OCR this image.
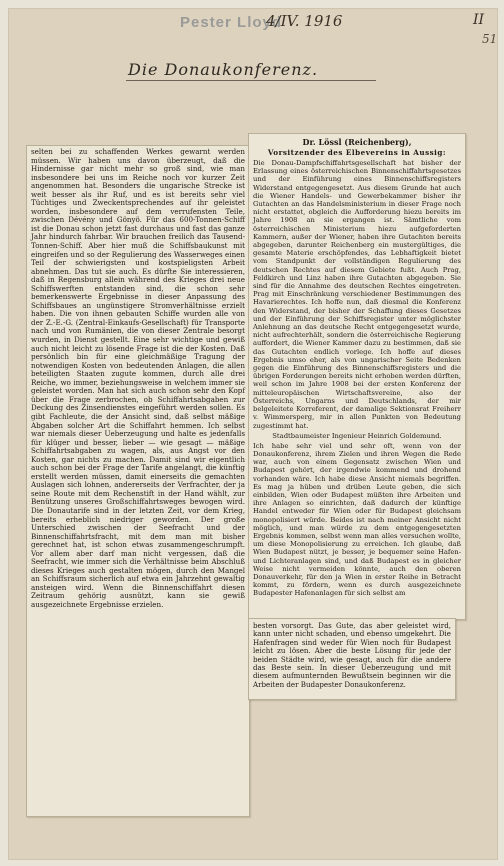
Pester Lloyd
4/IV. 1916	II
51
Die Donaukonferenz.

selten bei zu schaffenden Werkes gewarnt werden müssen. Wir haben uns davon überzeugt, daß die Hindernisse gar nicht mehr so groß sind, wie man insbesondere bei uns im Reiche noch vor kurzer Zeit angenommen hat. Besonders die ungarische Strecke ist weit besser als ihr Ruf, und es ist bereits sehr viel Tüchtiges und Zweckentsprechendes auf ihr geleistet worden, insbesondere auf dem verrufensten Teile, zwischen Dévény und Gönyö. Für das 600-Tonnen-Schiff ist die Donau schon jetzt fast durchaus und fast das ganze Jahr hindurch fahrbar. Wir brauchen freilich das Tausend-Tonnen-Schiff. Aber hier muß die Schiffsbaukunst mit eingreifen und so der Regulierung des Wasserweges einen Teil der schwierigsten und kostspieligsten Arbeit abnehmen. Das tut sie auch. Es dürfte Sie interessieren, daß in Regensburg allein während des Krieges drei neue Schiffswerften entstanden sind, die schon sehr bemerkenswerte Ergebnisse in dieser Anpassung des Schiffsbaues an ungünstigere Stromverhältnisse erzielt haben. Die von ihnen gebauten Schiffe wurden alle von der Z.-E.-G. (Zentral-Einkaufs-Gesellschaft) für Transporte nach und von Rumänien, die von dieser Zentrale besorgt wurden, in Dienst gestellt. Eine sehr wichtige und gewiß auch nicht leicht zu lösende Frage ist die der Kosten. Daß persönlich bin für eine gleichmäßige Tragung der notwendigen Kosten von bedeutenden Anlagen, die allen beteiligten Staaten zugute kommen, durch alle drei Reiche, wo immer, beziehungsweise in welchem immer sie geleistet worden. Man hat sich auch schon sehr den Kopf über die Frage zerbrochen, ob Schiffahrtsabgaben zur Deckung des Zinsendienstes eingeführt werden sollen. Es gibt Fachleute, die der Ansicht sind, daß selbst mäßige Abgaben solcher Art die Schiffahrt hemmen. Ich selbst war niemals dieser Ueberzeugung und halte es jedenfalls für klüger und besser, lieber — wie gesagt — mäßige Schiffahrtsabgaben zu wagen, als, aus Angst vor den Kosten, gar nichts zu machen. Damit sind wir eigentlich auch schon bei der Frage der Tarife angelangt, die künftig erstellt werden müssen, damit einerseits die gemachten Auslagen sich lohnen, andererseits der Verfrachter, der ja seine Route mit dem Rechenstift in der Hand wählt, zur Benützung unseres Großschiffahrtsweges bewogen wird. Die Donautarife sind in der letzten Zeit, vor dem Krieg, bereits erheblich niedriger geworden. Der große Unterschied zwischen der Seefracht und der Binnenschiffahrtsfracht, mit dem man mit bisher gerechnet hat, ist schon etwas zusammengeschrumpft. Vor allem aber darf man nicht vergessen, daß die Seefracht, wie immer sich die Verhältnisse beim Abschluß dieses Krieges auch gestalten mögen, durch den Mangel an Schiffsraum sicherlich auf etwa ein Jahrzehnt gewaltig ansteigen wird. Wenn die Binnenschiffahrt diesen Zeitraum gehörig ausnützt, kann sie gewiß ausgezeichnete Ergebnisse erzielen.

Dr. Lössl (Reichenberg),
Vorsitzender des Elbevereins in Aussig:

Die Donau-Dampfschiffahrtsgesellschaft hat bisher der Erlassung eines österreichischen Binnenschiffahrtsgesetzes und der Einführung eines Binnenschiffsregisters Widerstand entgegengesetzt. Aus diesem Grunde hat auch die Wiener Handels- und Gewerbekammer bisher ihr Gutachten an das Handelsministerium in dieser Frage noch nicht erstattet, obgleich die Aufforderung hiezu bereits im Jahre 1908 an sie ergangen ist. Sämtliche vom österreichischen Ministerium hiezu aufgeforderten Kammern, außer der Wiener, haben ihre Gutachten bereits abgegeben, darunter Reichenberg ein mustergültiges, die gesamte Materie erschöpfendes, das Lebhaftigkeit bietet vom Standpunkt der vollständigen Regulierung des deutschen Rechtes auf diesem Gebiete fußt. Auch Prag, Feldkirch und Linz haben ihre Gutachten abgegeben. Sie sind für die Annahme des deutschen Rechtes eingetreten. Prag mit Einschränkung verschiedener Bestimmungen des Havarierechtes. Ich hoffe nun, daß diesmal die Konferenz den Widerstand, der bisher der Schaffung dieses Gesetzes und der Einführung der Schiffsregister unter möglichster Anlehnung an das deutsche Recht entgegengesetzt wurde, nicht aufrechterhält, sondern die österreichische Regierung auffordert, die Wiener Kammer dazu zu bestimmen, daß sie das Gutachten endlich vorlege. Ich hoffe auf dieses Ergebnis umso eher, als von ungarischer Seite Bedenken gegen die Einführung des Binnenschiffsregisters und die übrigen Forderungen bereits nicht erhoben werden dürften, weil schon im Jahre 1908 bei der ersten Konferenz der mitteleuropäischen Wirtschaftsvereine, also der Österreichs, Ungarns und Deutschlands, der mir belgeleitete Korreferent, der damalige Sektionsrat Freiherr v. Wimmersperg, mir in allen Punkten von Bedeutung zugestimmt hat.

Stadtbaumeister Ingenieur Heinrich Goldemund.

Ich habe sehr viel und sehr oft, wenn von der Donaukonferenz, ihrem Zielen und ihren Wegen die Rede war, auch von einem Gegensatz zwischen Wien und Budapest gehört, der irgendwie kommend und drohend vorhanden wäre. Ich habe diese Ansicht niemals begriffen. Es mag ja hüben und drüben Leute geben, die sich einbilden, Wien oder Budapest müßten ihre Arbeiten und ihre Anlagen so einrichten, daß dadurch der künftige Handel entweder für Wien oder für Budapest gleichsam monopolisiert würde. Beides ist nach meiner Ansicht nicht möglich, und man würde zu dem entgegengesetzten Ergebnis kommen, selbst wenn man alles versuchen wollte, um diese Monopolisierung zu erreichen. Ich glaube, daß Wien Budapest nützt, je besser, je bequemer seine Hafen- und Lichteranlagen sind, und daß Budapest es in gleicher Weise nicht vermeiden könnte, auch den oberen Donauverkehr, für den ja Wien in erster Reihe in Betracht kommt, zu fördern, wenn es durch ausgezeichnete Budapester Hafenanlagen für sich selbst am

besten vorsorgt. Das Gute, das aber geleistet wird, kann unter nicht schaden, und ebenso umgekehrt. Die Hafenfragen sind weder für Wien noch für Budapest leicht zu lösen. Aber die beste Lösung für jede der beiden Städte wird, wie gesagt, auch für die andere das Beste sein. In dieser Ueberzeugung und mit diesem aufmunternden Bewußtsein beginnen wir die Arbeiten der Budapester Donaukonferenz.
